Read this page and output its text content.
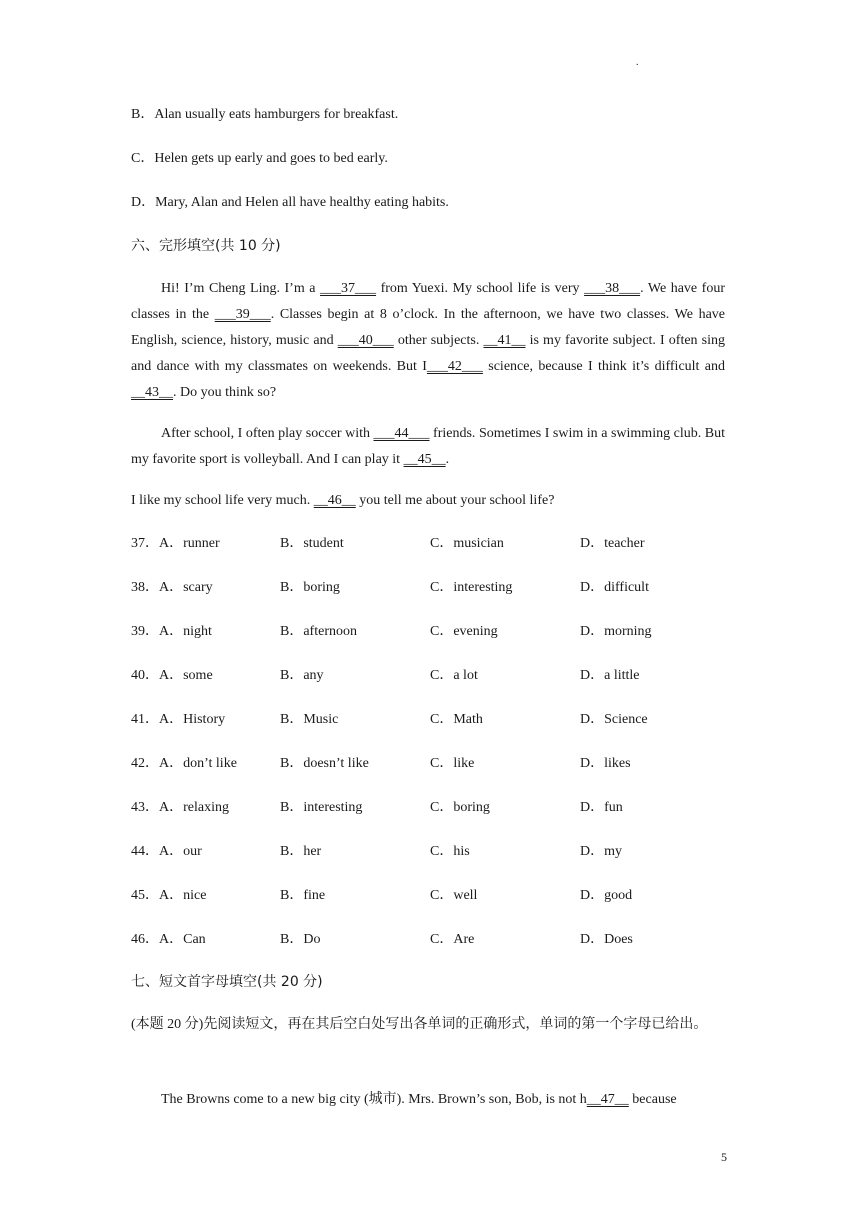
.
B．Alan usually eats hamburgers for breakfast.
C．Helen gets up early and goes to bed early.
D．Mary, Alan and Helen all have healthy eating habits.
六、完形填空(共 10 分)
Hi! I’m Cheng Ling. I’m a ___37___ from Yuexi. My school life is very ___38___. We have four classes in the ___39___. Classes begin at 8 o’clock. In the afternoon, we have two classes. We have English, science, history, music and ___40___ other subjects. __41__ is my favorite subject. I often sing and dance with my classmates on weekends. But I___42___ science, because I think it’s difficult and __43__. Do you think so?
After school, I often play soccer with ___44___ friends. Sometimes I swim in a swimming club. But my favorite sport is volleyball. And I can play it __45__.
I like my school life very much. __46__ you tell me about your school life?
37． A．runner	B．student	C．musician	D．teacher
38． A．scary	B．boring	C．interesting	D．difficult
39． A．night	B．afternoon	C．evening	D．morning
40． A．some	B．any	C．a lot	D．a little
41． A．History	B．Music	C．Math	D．Science
42． A．don’t like	B．doesn’t like	C．like	D．likes
43． A．relaxing	B．interesting	C．boring	D．fun
44． A．our	B．her	C．his	D．my
45． A．nice	B．fine	C．well	D．good
46． A．Can	B．Do	C．Are	D．Does
七、短文首字母填空(共 20 分)
(本题 20 分)先阅读短文，再在其后空白处写出各单词的正确形式，单词的第一个字母已给出。
The Browns come to a new big city (城市). Mrs. Brown’s son, Bob, is not h__47__ because
5
